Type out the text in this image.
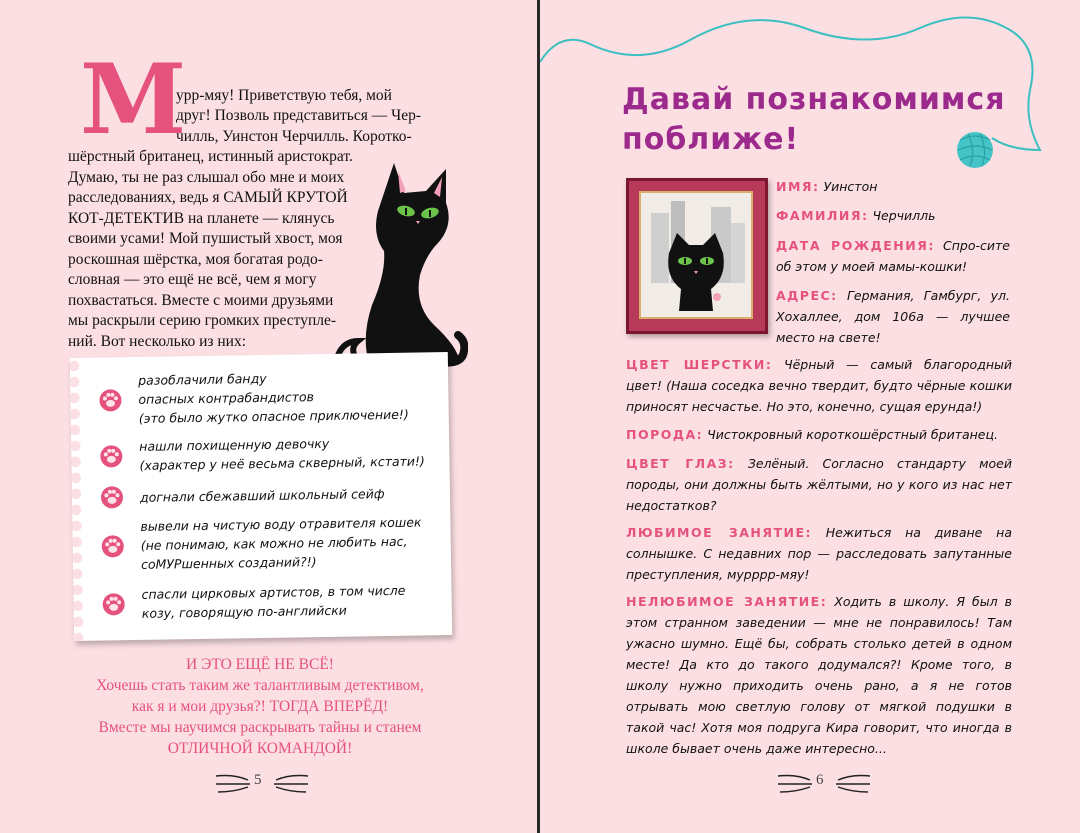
М

урр-мяу! Приветствую тебя, мой

друг! Позволь представиться — Чер-

чилль, Уинстон Черчилль. Коротко-

шёрстный британец, истинный аристократ.

Думаю, ты не раз слышал обо мне и моих

расследованиях, ведь я САМЫЙ КРУТОЙ

КОТ-ДЕТЕКТИВ на планете — клянусь

своими усами! Мой пушистый хвост, моя

роскошная шёрстка, моя богатая родо-

словная — это ещё не всё, чем я могу

похвастаться. Вместе с моими друзьями

мы раскрыли серию громких преступле-

ний. Вот несколько из них:

разоблачили банду
опасных контрабандистов
(это было жутко опасное приключение!)
нашли похищенную девочку
(характер у неё весьма скверный, кстати!)
догнали сбежавший школьный сейф
вывели на чистую воду отравителя кошек
(не понимаю, как можно не любить нас,
соМУРшенных созданий?!)
спасли цирковых артистов, в том числе
козу, говорящую по-английски
И ЭТО ЕЩЁ НЕ ВСЁ!
Хочешь стать таким же талантливым детективом,
как я и мои друзья?! ТОГДА ВПЕРЁД!
Вместе мы научимся раскрывать тайны и станем
ОТЛИЧНОЙ КОМАНДОЙ!
5
Давай познакомимся
поближе!

ИМЯ: Уинстон

ФАМИЛИЯ: Черчилль

ДАТА РОЖДЕНИЯ: Спро-сите об этом у моей мамы-кошки!

АДРЕС: Германия, Гамбург, ул. Хохаллее, дом 106а — лучшее место на свете!

ЦВЕТ ШЕРСТКИ: Чёрный — самый благородный цвет! (Наша соседка вечно твердит, будто чёрные кошки приносят несчастье. Но это, конечно, сущая ерунда!)

ПОРОДА: Чистокровный короткошёрстный британец.

ЦВЕТ ГЛАЗ: Зелёный. Согласно стандарту моей породы, они должны быть жёлтыми, но у кого из нас нет недостатков?

ЛЮБИМОЕ ЗАНЯТИЕ: Нежиться на диване на солнышке. С недавних пор — расследовать запутанные преступления, мурррр-мяу!

НЕЛЮБИМОЕ ЗАНЯТИЕ: Ходить в школу. Я был в этом странном заведении — мне не понравилось! Там ужасно шумно. Ещё бы, собрать столько детей в одном месте! Да кто до такого додумался?! Кроме того, в школу нужно приходить очень рано, а я не готов отрывать мою светлую голову от мягкой подушки в такой час! Хотя моя подруга Кира говорит, что иногда в школе бывает очень даже интересно...

6
